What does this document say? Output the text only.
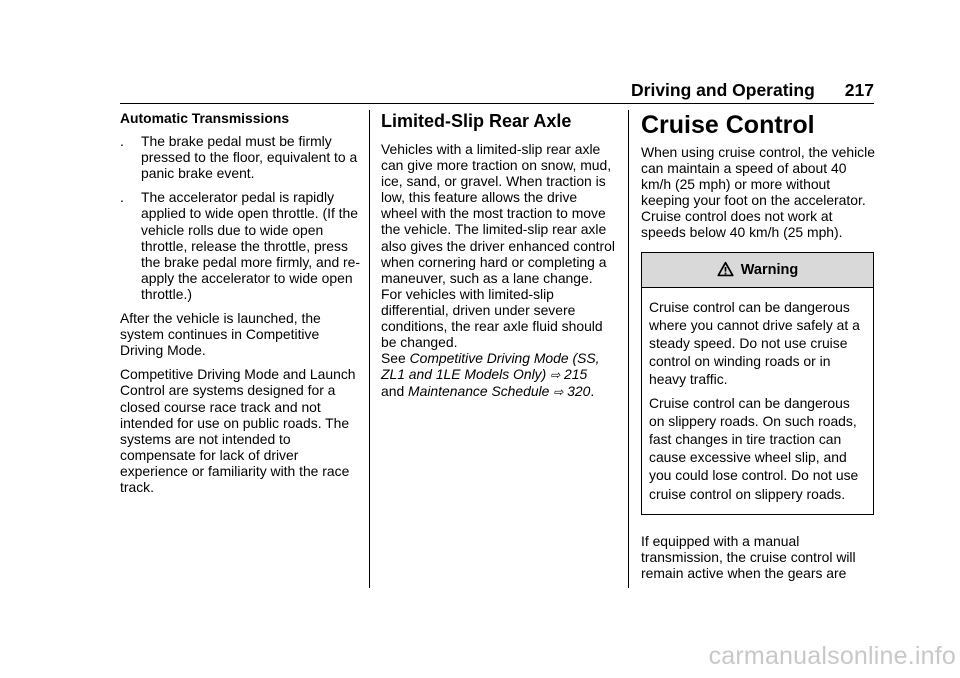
Driving and Operating 217
Automatic Transmissions
. The brake pedal must be firmly pressed to the floor, equivalent to a panic brake event.
. The accelerator pedal is rapidly applied to wide open throttle. (If the vehicle rolls due to wide open throttle, release the throttle, press the brake pedal more firmly, and re-apply the accelerator to wide open throttle.)

After the vehicle is launched, the system continues in Competitive Driving Mode.

Competitive Driving Mode and Launch Control are systems designed for a closed course race track and not intended for use on public roads. The systems are not intended to compensate for lack of driver experience or familiarity with the race track.

Limited-Slip Rear Axle

Vehicles with a limited-slip rear axle can give more traction on snow, mud, ice, sand, or gravel. When traction is low, this feature allows the drive wheel with the most traction to move the vehicle. The limited-slip rear axle also gives the driver enhanced control when cornering hard or completing a maneuver, such as a lane change. For vehicles with limited-slip differential, driven under severe conditions, the rear axle fluid should be changed.
See Competitive Driving Mode (SS, ZL1 and 1LE Models Only) ⇨ 215
and Maintenance Schedule ⇨ 320.

Cruise Control

When using cruise control, the vehicle can maintain a speed of about 40 km/h (25 mph) or more without keeping your foot on the accelerator. Cruise control does not work at speeds below 40 km/h (25 mph).

Warning

Cruise control can be dangerous where you cannot drive safely at a steady speed. Do not use cruise control on winding roads or in heavy traffic.

Cruise control can be dangerous on slippery roads. On such roads, fast changes in tire traction can cause excessive wheel slip, and you could lose control. Do not use cruise control on slippery roads.

If equipped with a manual transmission, the cruise control will remain active when the gears are

carmanualsonline.info
